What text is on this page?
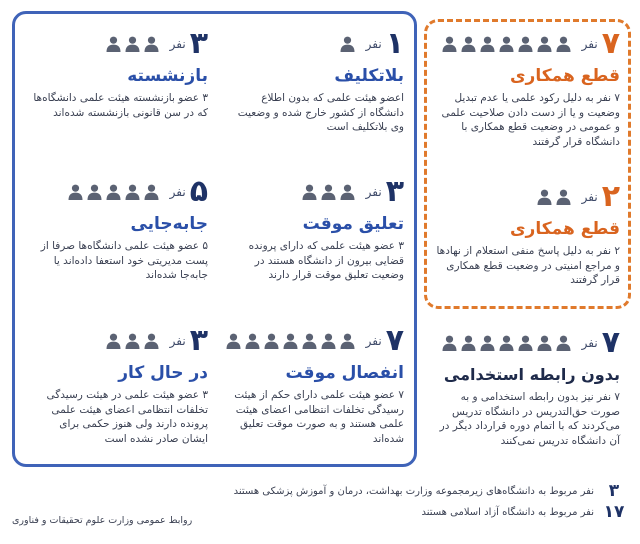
۷
نفر
قطع همکاری
۷ نفر به دلیل رکود علمی یا عدم تبدیل وضعیت و یا از دست دادن صلاحیت علمی و عمومی در وضعیت قطع همکاری با دانشگاه قرار گرفتند
۲
نفر
قطع همکاری
۲ نفر به دلیل پاسخ منفی استعلام از نهادها و مراجع امنیتی در وضعیت قطع همکاری قرار گرفتند
۷
نفر
بدون رابطه استخدامی
۷ نفر نیز بدون رابطه استخدامی و به صورت حق‌التدریس در دانشگاه تدریس می‌کردند که با اتمام دوره قرارداد دیگر در آن دانشگاه تدریس نمی‌کنند
۱
نفر
بلاتکلیف
اعضو هیئت علمی که بدون اطلاع دانشگاه از کشور خارج شده و وضعیت وی بلاتکلیف است
۳
نفر
تعلیق موقت
۳ عضو هیئت علمی که دارای پرونده قضایی بیرون از دانشگاه هستند در وضعیت تعلیق موقت قرار دارند
۷
نفر
انفصال موقت
۷ عضو هیئت علمی دارای حکم از هیئت رسیدگی تخلفات انتظامی اعضای هیئت علمی هستند و به صورت موقت تعلیق شده‌اند
۳
نفر
بازنشسته
۳ عضو بازنشسته هیئت علمی دانشگاه‌ها که در سن قانونی بازنشسته شده‌اند
۵
نفر
جابه‌جایی
۵ عضو هیئت علمی دانشگاه‌ها صرفا از پست مدیریتی خود استعفا داده‌اند یا جابه‌جا شده‌اند
۳
نفر
در حال کار
۳ عضو هیئت علمی در هیئت رسیدگی تخلفات انتظامی اعضای هیئت علمی پرونده دارند ولی هنوز حکمی برای ایشان صادر نشده است
۳
نفر مربوط به دانشگاه‌های زیرمجموعه وزارت بهداشت، درمان و آموزش پزشکی هستند
۱۷
نفر مربوط به دانشگاه آزاد اسلامی هستند
روابط عمومی وزارت علوم تحقیقات و فناوری
